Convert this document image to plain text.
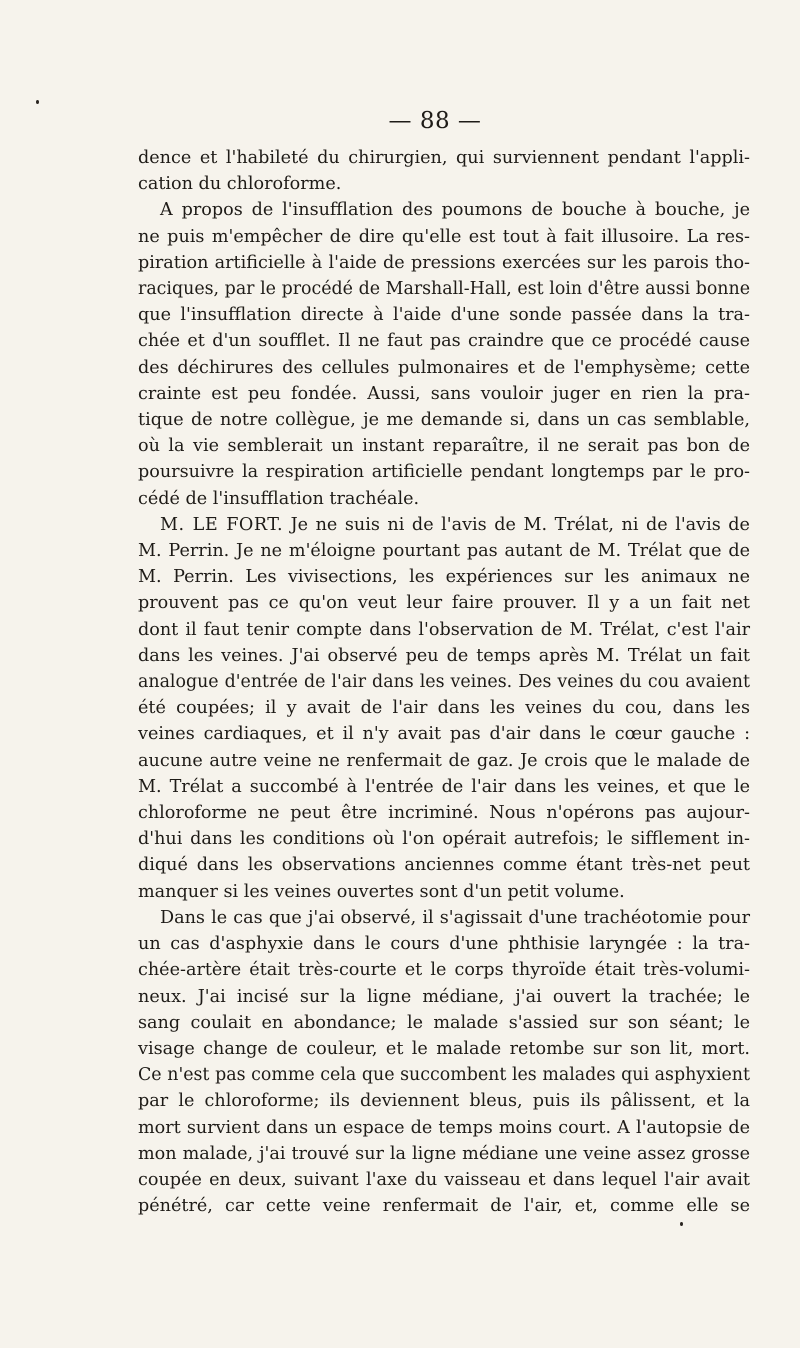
— 88 —
dence et l'habileté du chirurgien, qui surviennent pendant l'appli-
cation du chloroforme.
A propos de l'insufflation des poumons de bouche à bouche, je
ne puis m'empêcher de dire qu'elle est tout à fait illusoire. La res-
piration artificielle à l'aide de pressions exercées sur les parois tho-
raciques, par le procédé de Marshall-Hall, est loin d'être aussi bonne
que l'insufflation directe à l'aide d'une sonde passée dans la tra-
chée et d'un soufflet. Il ne faut pas craindre que ce procédé cause
des déchirures des cellules pulmonaires et de l'emphysème; cette
crainte est peu fondée. Aussi, sans vouloir juger en rien la pra-
tique de notre collègue, je me demande si, dans un cas semblable,
où la vie semblerait un instant reparaître, il ne serait pas bon de
poursuivre la respiration artificielle pendant longtemps par le pro-
cédé de l'insufflation trachéale.
M. LE FORT. Je ne suis ni de l'avis de M. Trélat, ni de l'avis de
M. Perrin. Je ne m'éloigne pourtant pas autant de M. Trélat que de
M. Perrin. Les vivisections, les expériences sur les animaux ne
prouvent pas ce qu'on veut leur faire prouver. Il y a un fait net
dont il faut tenir compte dans l'observation de M. Trélat, c'est l'air
dans les veines. J'ai observé peu de temps après M. Trélat un fait
analogue d'entrée de l'air dans les veines. Des veines du cou avaient
été coupées; il y avait de l'air dans les veines du cou, dans les
veines cardiaques, et il n'y avait pas d'air dans le cœur gauche :
aucune autre veine ne renfermait de gaz. Je crois que le malade de
M. Trélat a succombé à l'entrée de l'air dans les veines, et que le
chloroforme ne peut être incriminé. Nous n'opérons pas aujour-
d'hui dans les conditions où l'on opérait autrefois; le sifflement in-
diqué dans les observations anciennes comme étant très-net peut
manquer si les veines ouvertes sont d'un petit volume.
Dans le cas que j'ai observé, il s'agissait d'une trachéotomie pour
un cas d'asphyxie dans le cours d'une phthisie laryngée : la tra-
chée-artère était très-courte et le corps thyroïde était très-volumi-
neux. J'ai incisé sur la ligne médiane, j'ai ouvert la trachée; le
sang coulait en abondance; le malade s'assied sur son séant; le
visage change de couleur, et le malade retombe sur son lit, mort.
Ce n'est pas comme cela que succombent les malades qui asphyxient
par le chloroforme; ils deviennent bleus, puis ils pâlissent, et la
mort survient dans un espace de temps moins court. A l'autopsie de
mon malade, j'ai trouvé sur la ligne médiane une veine assez grosse
coupée en deux, suivant l'axe du vaisseau et dans lequel l'air avait
pénétré, car cette veine renfermait de l'air, et, comme elle se
